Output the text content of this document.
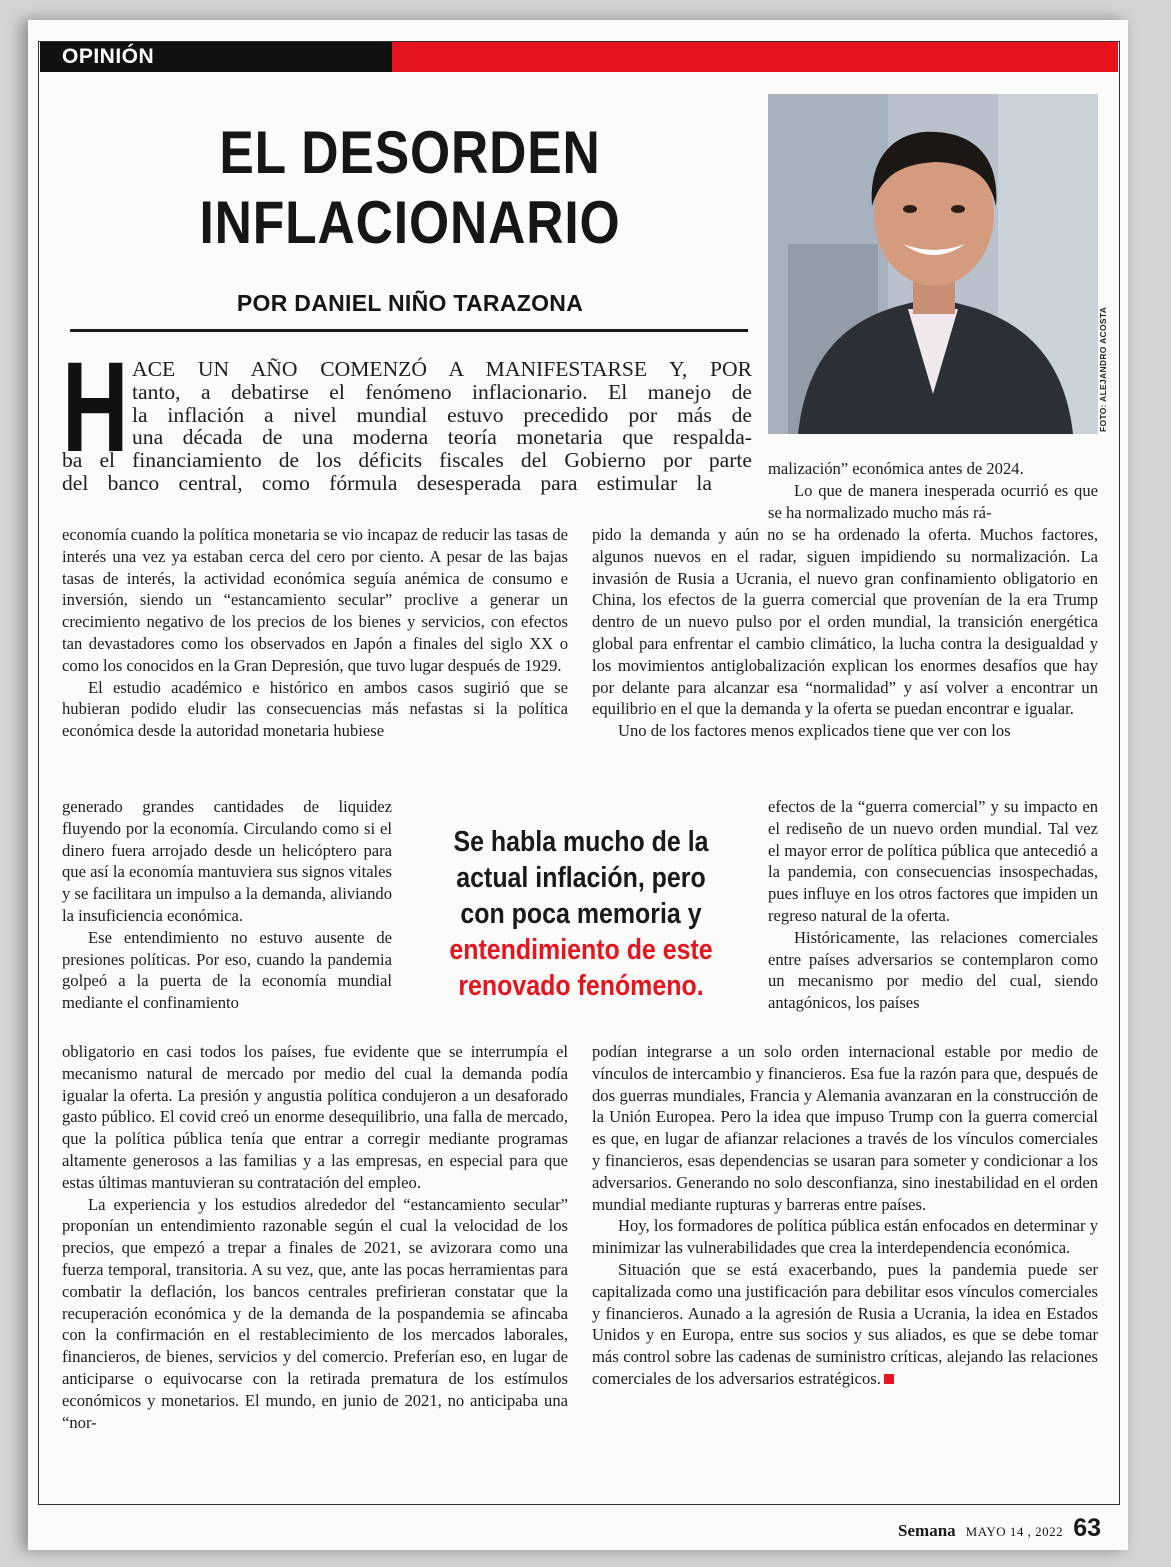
OPINIÓN
EL DESORDEN
INFLACIONARIO
POR DANIEL NIÑO TARAZONA
FOTO: ALEJANDRO ACOSTA
H ACE UN AÑO COMENZÓ A MANIFESTARSE Y, POR
tanto, a debatirse el fenómeno inflacionario. El manejo de
la inflación a nivel mundial estuvo precedido por más de
una década de una moderna teoría monetaria que respalda-
ba el financiamiento de los déficits fiscales del Gobierno por parte
del banco central, como fórmula desesperada para estimular la

economía cuando la política monetaria se vio incapaz de reducir las tasas de interés una vez ya estaban cerca del cero por ciento. A pesar de las bajas tasas de interés, la actividad económica seguía anémica de consumo e inversión, siendo un “estancamiento secular” proclive a generar un crecimiento negativo de los precios de los bienes y servicios, con efectos tan devastadores como los observados en Japón a finales del siglo XX o como los conocidos en la Gran Depresión, que tuvo lugar después de 1929.

El estudio académico e histórico en ambos casos sugirió que se hubieran podido eludir las consecuencias más nefastas si la política económica desde la autoridad monetaria hubiese

generado grandes cantidades de liquidez fluyendo por la economía. Circulando como si el dinero fuera arrojado desde un helicóptero para que así la economía mantuviera sus signos vitales y se facilitara un impulso a la demanda, aliviando la insuficiencia económica.

Ese entendimiento no estuvo ausente de presiones políticas. Por eso, cuando la pandemia golpeó a la puerta de la economía mundial mediante el confinamiento

obligatorio en casi todos los países, fue evidente que se interrumpía el mecanismo natural de mercado por medio del cual la demanda podía igualar la oferta. La presión y angustia política condujeron a un desaforado gasto público. El covid creó un enorme desequilibrio, una falla de mercado, que la política pública tenía que entrar a corregir mediante programas altamente generosos a las familias y a las empresas, en especial para que estas últimas mantuvieran su contratación del empleo.

La experiencia y los estudios alrededor del “estancamiento secular” proponían un entendimiento razonable según el cual la velocidad de los precios, que empezó a trepar a finales de 2021, se avizorara como una fuerza temporal, transitoria. A su vez, que, ante las pocas herramientas para combatir la deflación, los bancos centrales prefirieran constatar que la recuperación económica y de la demanda de la pospandemia se afincaba con la confirmación en el restablecimiento de los mercados laborales, financieros, de bienes, servicios y del comercio. Preferían eso, en lugar de anticiparse o equivocarse con la retirada prematura de los estímulos económicos y monetarios. El mundo, en junio de 2021, no anticipaba una “nor-

Se habla mucho de la actual inflación, pero con poca memoria y entendimiento de este renovado fenómeno.

malización” económica antes de 2024.

Lo que de manera inesperada ocurrió es que se ha normalizado mucho más rá-

pido la demanda y aún no se ha ordenado la oferta. Muchos factores, algunos nuevos en el radar, siguen impidiendo su normalización. La invasión de Rusia a Ucrania, el nuevo gran confinamiento obligatorio en China, los efectos de la guerra comercial que provenían de la era Trump dentro de un nuevo pulso por el orden mundial, la transición energética global para enfrentar el cambio climático, la lucha contra la desigualdad y los movimientos antiglobalización explican los enormes desafíos que hay por delante para alcanzar esa “normalidad” y así volver a encontrar un equilibrio en el que la demanda y la oferta se puedan encontrar e igualar.

Uno de los factores menos explicados tiene que ver con los

efectos de la “guerra comercial” y su impacto en el rediseño de un nuevo orden mundial. Tal vez el mayor error de política pública que antecedió a la pandemia, con consecuencias insospechadas, pues influye en los otros factores que impiden un regreso natural de la oferta.

Históricamente, las relaciones comerciales entre países adversarios se contemplaron como un mecanismo por medio del cual, siendo antagónicos, los países

podían integrarse a un solo orden internacional estable por medio de vínculos de intercambio y financieros. Esa fue la razón para que, después de dos guerras mundiales, Francia y Alemania avanzaran en la construcción de la Unión Europea. Pero la idea que impuso Trump con la guerra comercial es que, en lugar de afianzar relaciones a través de los vínculos comerciales y financieros, esas dependencias se usaran para someter y condicionar a los adversarios. Generando no solo desconfianza, sino inestabilidad en el orden mundial mediante rupturas y barreras entre países.

Hoy, los formadores de política pública están enfocados en determinar y minimizar las vulnerabilidades que crea la interdependencia económica.

Situación que se está exacerbando, pues la pandemia puede ser capitalizada como una justificación para debilitar esos vínculos comerciales y financieros. Aunado a la agresión de Rusia a Ucrania, la idea en Estados Unidos y en Europa, entre sus socios y sus aliados, es que se debe tomar más control sobre las cadenas de suministro críticas, alejando las relaciones comerciales de los adversarios estratégicos.

Semana MAYO 14 , 2022 63
